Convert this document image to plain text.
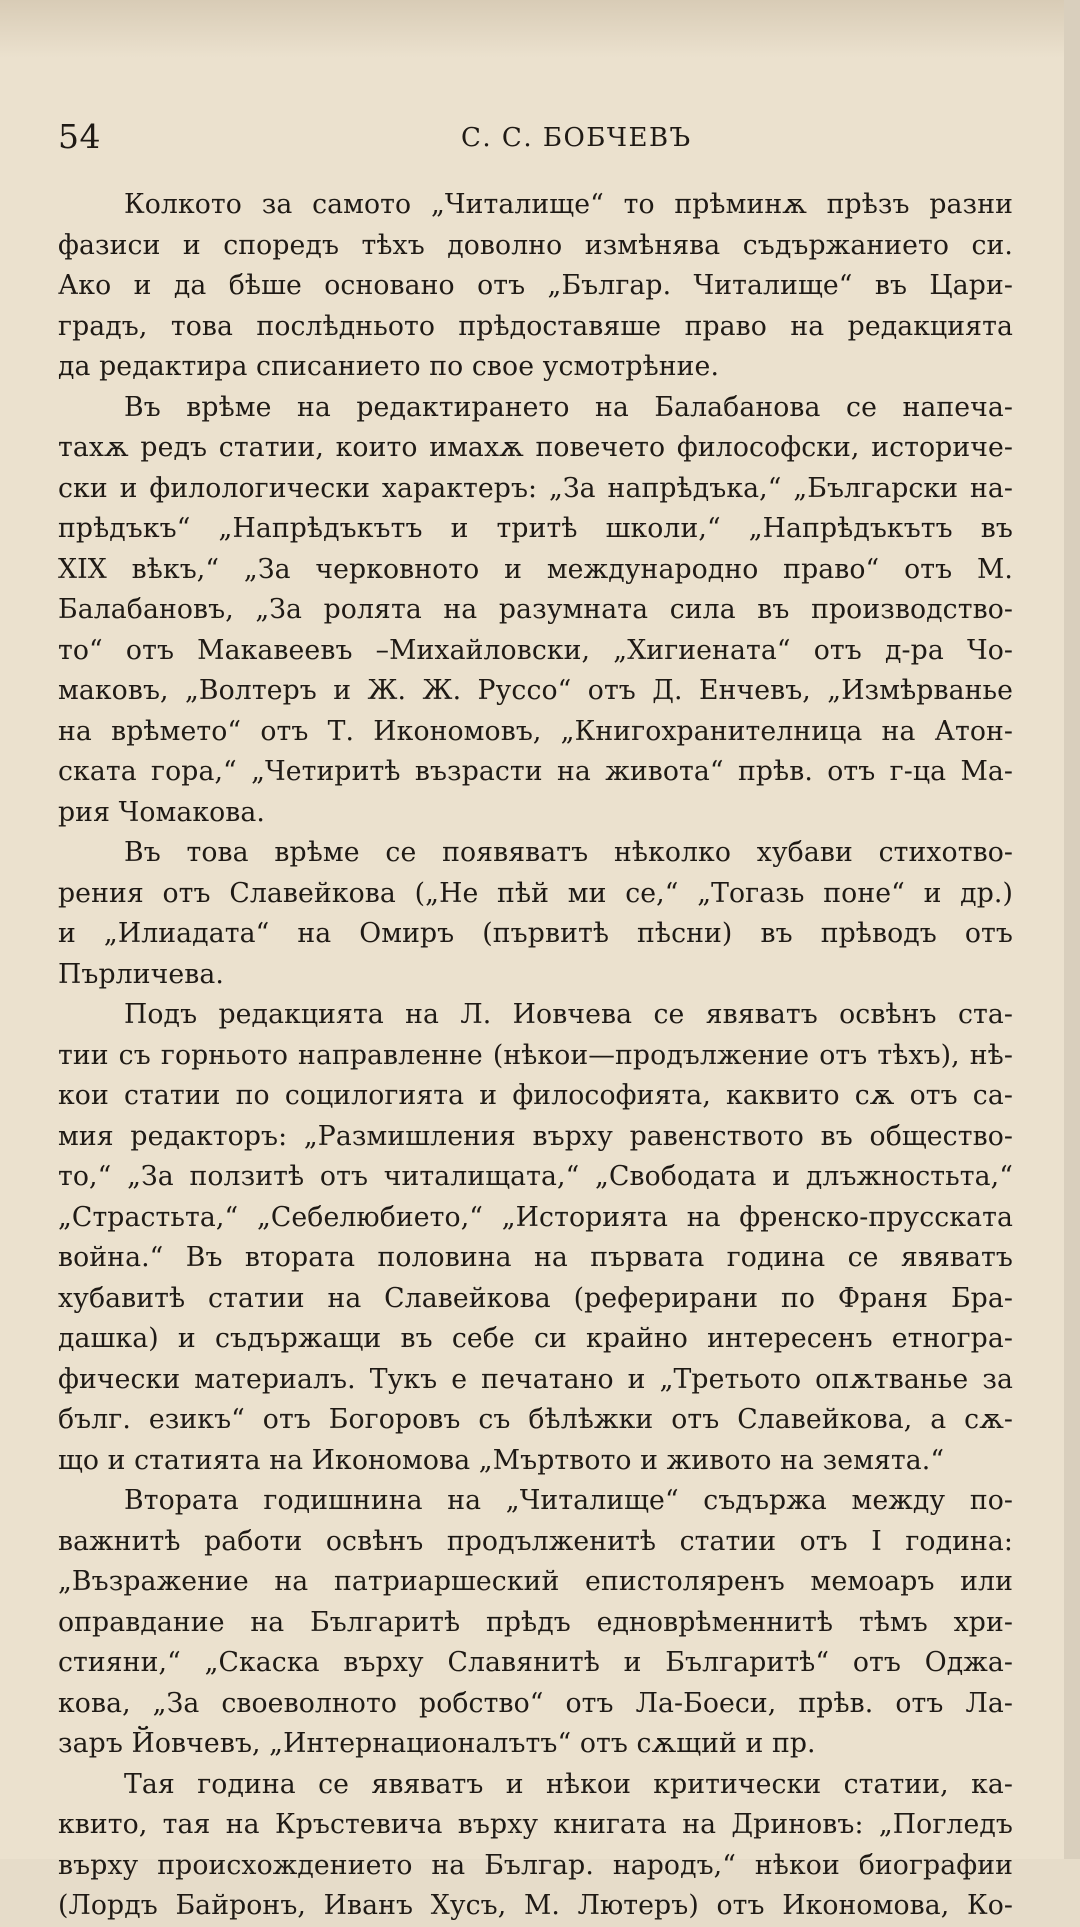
54	С. С. БОБЧЕВЪ
Колкото за самото „Читалище“ то прѣминѫ прѣзъ разни
фазиси и споредъ тѣхъ доволно измѣнява съдържанието си.
Ако и да бѣше основано отъ „Българ. Читалище“ въ Цари-
градъ, това послѣдньото прѣдоставяше право на редакцията
да редактира списанието по свое усмотрѣние.
Въ врѣме на редактирането на Балабанова се напеча-
тахѫ редъ статии, които имахѫ повечето философски, историче-
ски и филологически характеръ: „За напрѣдъка,“ „Български на-
прѣдъкъ“ „Напрѣдъкътъ и тритѣ школи,“ „Напрѣдъкътъ въ
XIX вѣкъ,“ „За черковното и международно право“ отъ М.
Балабановъ, „За ролята на разумната сила въ производство-
то“ отъ Макавеевъ –Михайловски, „Хигиената“ отъ д-ра Чо-
маковъ, „Волтеръ и Ж. Ж. Руссо“ отъ Д. Енчевъ, „Измѣрванье
на врѣмето“ отъ Т. Икономовъ, „Книгохранителница на Атон-
ската гора,“ „Четиритѣ възрасти на живота“ прѣв. отъ г-ца Ма-
рия Чомакова.
Въ това врѣме се появяватъ нѣколко хубави стихотво-
рения отъ Славейкова („Не пѣй ми се,“ „Тогазь поне“ и др.)
и „Илиадата“ на Омиръ (първитѣ пѣсни) въ прѣводъ отъ
Пърличева.
Подъ редакцията на Л. Иовчева се явяватъ освѣнъ ста-
тии съ горньото направленне (нѣкои—продължение отъ тѣхъ), нѣ-
кои статии по социлогията и философията, каквито сѫ отъ са-
мия редакторъ: „Размишления върху равенството въ общество-
то,“ „За ползитѣ отъ читалищата,“ „Свободата и длъжностьта,“
„Страстьта,“ „Себелюбието,“ „Историята на френско-прусската
война.“ Въ втората половина на първата година се явяватъ
хубавитѣ статии на Славейкова (реферирани по Франя Бра-
дашка) и съдържащи въ себе си крайно интересенъ етногра-
фически материалъ. Тукъ е печатано и „Третьото опѫтванье за
бълг. езикъ“ отъ Богоровъ съ бѣлѣжки отъ Славейкова, а сѫ-
що и статията на Икономова „Мъртвото и живото на земята.“
Втората годишнина на „Читалище“ съдържа между по-
важнитѣ работи освѣнъ продълженитѣ статии отъ I година:
„Възражение на патриаршеский епистоляренъ мемоаръ или
оправдание на Българитѣ прѣдъ едноврѣменнитѣ тѣмъ хри-
стияни,“ „Скаска върху Славянитѣ и Българитѣ“ отъ Оджа-
кова, „За своеволното робство“ отъ Ла-Боеси, прѣв. отъ Ла-
заръ Йовчевъ, „Интернационалътъ“ отъ сѫщий и пр.
Тая година се явяватъ и нѣкои критически статии, ка-
квито, тая на Кръстевича върху книгата на Дриновъ: „Погледъ
върху происхождението на Българ. народъ,“ нѣкои биографии
(Лордъ Байронъ, Иванъ Хусъ, М. Лютеръ) отъ Икономова, Ко-
